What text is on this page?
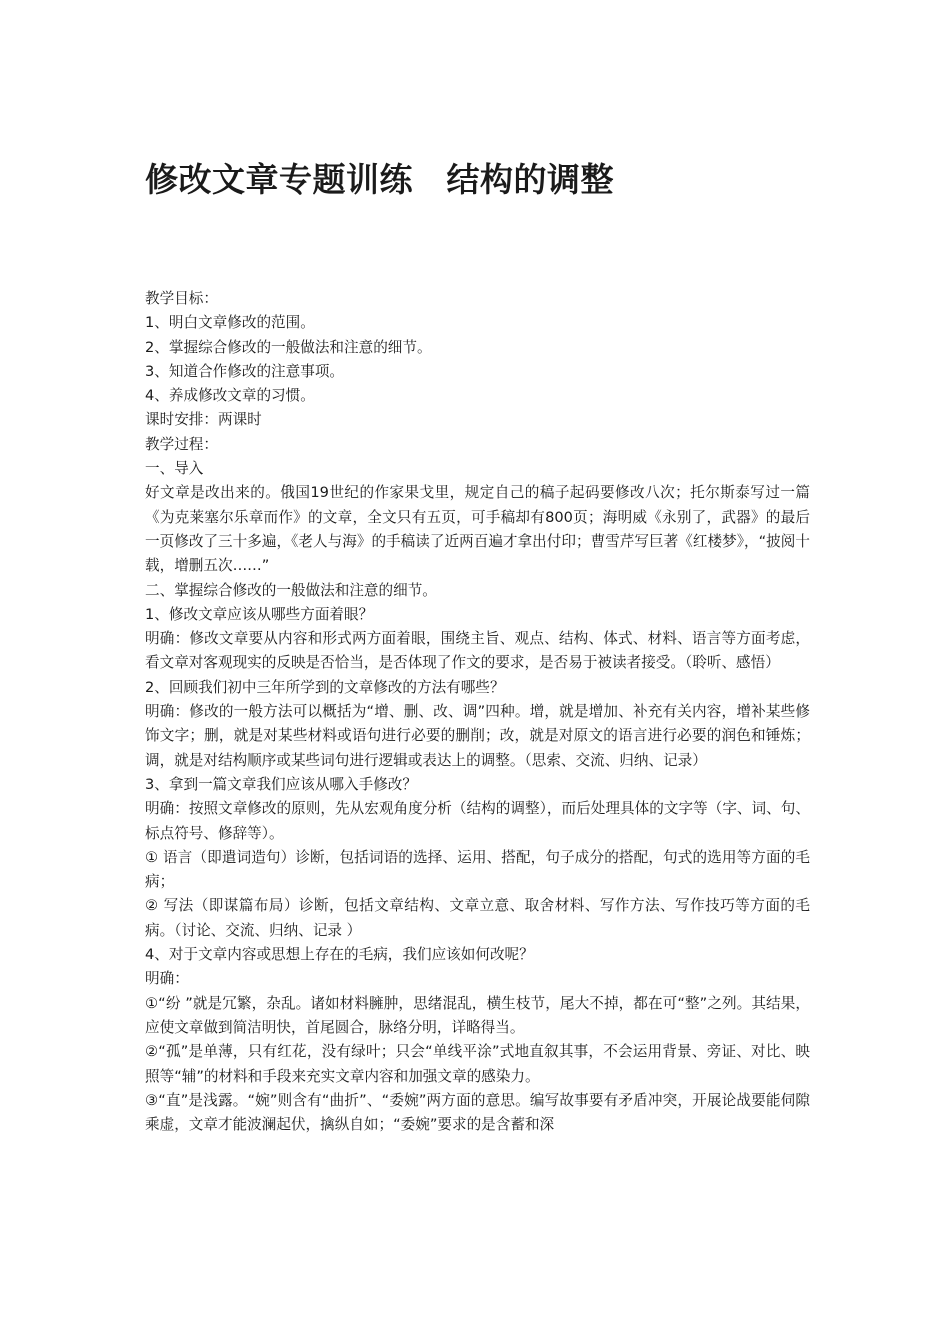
修改文章专题训练　结构的调整

教学目标：

1、明白文章修改的范围。

2、掌握综合修改的一般做法和注意的细节。

3、知道合作修改的注意事项。

4、养成修改文章的习惯。

课时安排：两课时

教学过程：

一、导入

好文章是改出来的。俄国19世纪的作家果戈里，规定自己的稿子起码要修改八次；托尔斯泰写过一篇《为克莱塞尔乐章而作》的文章，全文只有五页，可手稿却有800页；海明威《永别了，武器》的最后一页修改了三十多遍，《老人与海》的手稿读了近两百遍才拿出付印；曹雪芹写巨著《红楼梦》，“披阅十载，增删五次……”

二、掌握综合修改的一般做法和注意的细节。

1、修改文章应该从哪些方面着眼？

明确：修改文章要从内容和形式两方面着眼，围绕主旨、观点、结构、体式、材料、语言等方面考虑，看文章对客观现实的反映是否恰当，是否体现了作文的要求，是否易于被读者接受。（聆听、感悟）

2、回顾我们初中三年所学到的文章修改的方法有哪些？

明确：修改的一般方法可以概括为“增、删、改、调”四种。增，就是增加、补充有关内容，增补某些修饰文字；删，就是对某些材料或语句进行必要的删削；改，就是对原文的语言进行必要的润色和锤炼；调，就是对结构顺序或某些词句进行逻辑或表达上的调整。（思索、交流、归纳、记录）

3、拿到一篇文章我们应该从哪入手修改？

明确：按照文章修改的原则，先从宏观角度分析（结构的调整），而后处理具体的文字等（字、词、句、标点符号、修辞等）。

① 语言（即遣词造句）诊断，包括词语的选择、运用、搭配，句子成分的搭配，句式的选用等方面的毛病；

② 写法（即谋篇布局）诊断，包括文章结构、文章立意、取舍材料、写作方法、写作技巧等方面的毛病。（讨论、交流、归纳、记录 ）

4、对于文章内容或思想上存在的毛病，我们应该如何改呢？

明确：

①“纷 ”就是冗繁，杂乱。诸如材料臃肿，思绪混乱，横生枝节，尾大不掉，都在可“整”之列。其结果，应使文章做到简洁明快，首尾圆合，脉络分明，详略得当。

②“孤”是单薄，只有红花，没有绿叶；只会“单线平涂”式地直叙其事，不会运用背景、旁证、对比、映照等“辅”的材料和手段来充实文章内容和加强文章的感染力。

③“直”是浅露。“婉”则含有“曲折”、“委婉”两方面的意思。编写故事要有矛盾冲突，开展论战要能伺隙乘虚，文章才能波澜起伏，擒纵自如；“委婉”要求的是含蓄和深
